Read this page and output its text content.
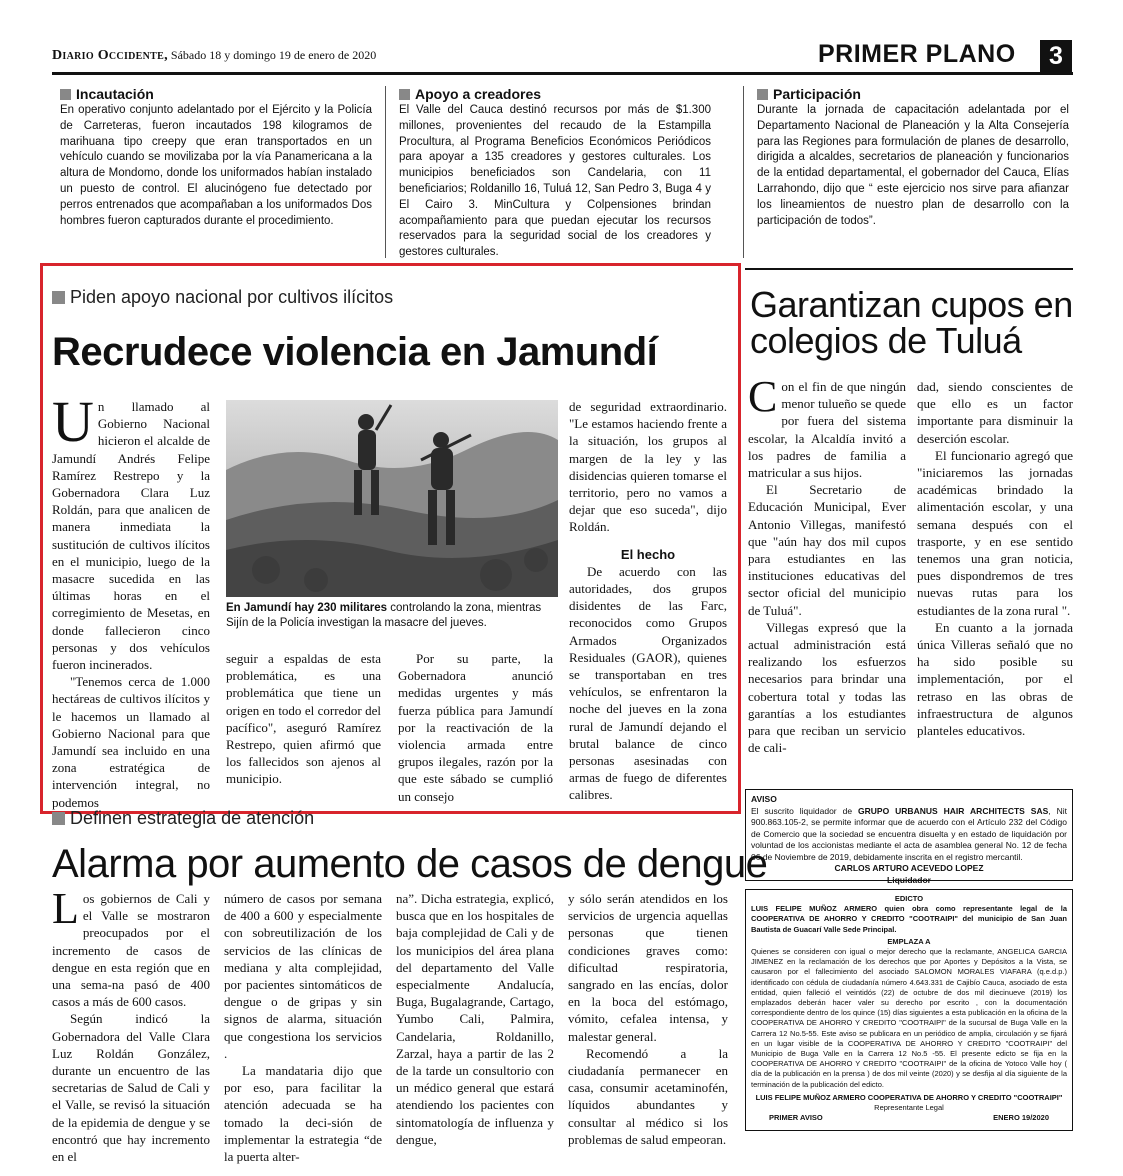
Diario Occidente, Sábado 18 y domingo 19 de enero de 2020	PRIMER PLANO	3
Incautación

En operativo conjunto adelantado por el Ejército y la Policía de Carreteras, fueron incautados 198 kilogramos de marihuana tipo creepy que eran transportados en un vehículo cuando se movilizaba por la vía Panamericana a la altura de Mondomo, donde los uniformados habían instalado un puesto de control. El alucinógeno fue detectado por perros entrenados que acompañaban a los uniformados Dos hombres fueron capturados durante el procedimiento.

Apoyo a creadores

El Valle del Cauca destinó recursos por más de $1.300 millones, provenientes del recaudo de la Estampilla Procultura, al Programa Beneficios Económicos Periódicos para apoyar a 135 creadores y gestores culturales. Los municipios beneficiados son Candelaria, con 11 beneficiarios; Roldanillo 16, Tuluá 12, San Pedro 3, Buga 4 y El Cairo 3. MinCultura y Colpensiones brindan acompañamiento para que puedan ejecutar los recursos reservados para la seguridad social de los creadores y gestores culturales.

Participación

Durante la jornada de capacitación adelantada por el Departamento Nacional de Planeación y la Alta Consejería para las Regiones para formulación de planes de desarrollo, dirigida a alcaldes, secretarios de planeación y funcionarios de la entidad departamental, el gobernador del Cauca, Elías Larrahondo, dijo que “ este ejercicio nos sirve para afianzar los lineamientos de nuestro plan de desarrollo con la participación de todos”.

Piden apoyo nacional por cultivos ilícitos
Recrudece violencia en Jamundí

Un llamado al Gobierno Nacional hicieron el alcalde de Jamundí Andrés Felipe Ramírez Restrepo y la Gobernadora Clara Luz Roldán, para que analicen de manera inmediata la sustitución de cultivos ilícitos en el municipio, luego de la masacre sucedida en las últimas horas en el corregimiento de Mesetas, en donde fallecieron cinco personas y dos vehículos fueron incinerados.

"Tenemos cerca de 1.000 hectáreas de cultivos ilícitos y le hacemos un llamado al Gobierno Nacional para que Jamundí sea incluido en una zona estratégica de intervención integral, no podemos

En Jamundí hay 230 militares controlando la zona, mientras Sijín de la Policía investigan la masacre del jueves.

seguir a espaldas de esta problemática, es una problemática que tiene un origen en todo el corredor del pacífico", aseguró Ramírez Restrepo, quien afirmó que los fallecidos son ajenos al municipio.

Por su parte, la Gobernadora anunció medidas urgentes y más fuerza pública para Jamundí por la reactivación de la violencia armada entre grupos ilegales, razón por la que este sábado se cumplió un consejo

de seguridad extraordinario. "Le estamos haciendo frente a la situación, los grupos al margen de la ley y las disidencias quieren tomarse el territorio, pero no vamos a dejar que eso suceda", dijo Roldán.

El hecho

De acuerdo con las autoridades, dos grupos disidentes de las Farc, reconocidos como Grupos Armados Organizados Residuales (GAOR), quienes se transportaban en tres vehículos, se enfrentaron la noche del jueves en la zona rural de Jamundí dejando el brutal balance de cinco personas asesinadas con armas de fuego de diferentes calibres.

Garantizan cupos en colegios de Tuluá

Con el fin de que ningún menor tulueño se quede por fuera del sistema escolar, la Alcaldía invitó a los padres de familia a matricular a sus hijos.

El Secretario de Educación Municipal, Ever Antonio Villegas, manifestó que "aún hay dos mil cupos para estudiantes en las instituciones educativas del sector oficial del municipio de Tuluá".

Villegas expresó que la actual administración está realizando los esfuerzos necesarios para brindar una cobertura total y todas las garantías a los estudiantes para que reciban un servicio de cali-

dad, siendo conscientes de que ello es un factor importante para disminuir la deserción escolar.

El funcionario agregó que "iniciaremos las jornadas académicas brindado la alimentación escolar, y una semana después con el trasporte, y en ese sentido tenemos una gran noticia, pues dispondremos de tres nuevas rutas para los estudiantes de la zona rural ".

En cuanto a la jornada única Villeras señaló que no ha sido posible su implementación, por el retraso en las obras de infraestructura de algunos planteles educativos.

Definen estrategia de atención
Alarma por aumento de casos de dengue

Los gobiernos de Cali y el Valle se mostraron preocupados por el incremento de casos de dengue en esta región que en una sema-na pasó de 400 casos a más de 600 casos.

Según indicó la Gobernadora del Valle Clara Luz Roldán González, durante un encuentro de las secretarias de Salud de Cali y el Valle, se revisó la situación de la epidemia de dengue y se encontró que hay incremento en el

número de casos por semana de 400 a 600 y especialmente con sobreutilización de los servicios de las clínicas de mediana y alta complejidad, por pacientes sintomáticos de dengue o de gripas y sin signos de alarma, situación que congestiona los servicios .

La mandataria dijo que por eso, para facilitar la atención adecuada se ha tomado la deci-sión de implementar la estrategia “de la puerta alter-

na”. Dicha estrategia, explicó, busca que en los hospitales de baja complejidad de Cali y de los municipios del área plana del departamento del Valle especialmente Andalucía, Buga, Bugalagrande, Cartago, Yumbo Cali, Palmira, Candelaria, Roldanillo, Zarzal, haya a partir de las 2 de la tarde un consultorio con un médico general que estará atendiendo los pacientes con sintomatología de influenza y dengue,

y sólo serán atendidos en los servicios de urgencia aquellas personas que tienen condiciones graves como: dificultad respiratoria, sangrado en las encías, dolor en la boca del estómago, vómito, cefalea intensa, y malestar general.

Recomendó a la ciudadanía permanecer en casa, consumir acetaminofén, líquidos abundantes y consultar al médico si los problemas de salud empeoran.

AVISO
El suscrito liquidador de GRUPO URBANUS HAIR ARCHITECTS SAS, Nit 900.863.105-2, se permite informar que de acuerdo con el Artículo 232 del Código de Comercio que la sociedad se encuentra disuelta y en estado de liquidación por voluntad de los accionistas mediante el acta de asamblea general No. 12 de fecha 06 de Noviembre de 2019, debidamente inscrita en el registro mercantil.
CARLOS ARTURO ACEVEDO LOPEZ
Liquidador
EDICTO
LUIS FELIPE MUÑOZ ARMERO quien obra como representante legal de la COOPERATIVA DE AHORRO Y CREDITO "COOTRAIPI" del municipio de San Juan Bautista de Guacarí Valle Sede Principal.
EMPLAZA A
Quienes se consideren con igual o mejor derecho que la reclamante, ANGELICA GARCIA JIMENEZ en la reclamación de los derechos que por Aportes y Depósitos a la Vista, se causaron por el fallecimiento del asociado SALOMON MORALES VIAFARA (q.e.d.p.) identificado con cédula de ciudadanía número 4.643.331 de Cajibío Cauca, asociado de esta entidad, quien falleció el veintidós (22) de octubre de dos mil diecinueve (2019) los emplazados deberán hacer valer su derecho por escrito , con la documentación correspondiente dentro de los quince (15) días siguientes a esta publicación en la oficina de la COOPERATIVA DE AHORRO Y CREDITO "COOTRAIPI" de la sucursal de Buga Valle en la Carrera 12 No.5-55. Este aviso se publicara en un periódico de amplia, circulación y se fijará en un lugar visible de la COOPERATIVA DE AHORRO Y CREDITO "COOTRAIPI" del Municipio de Buga Valle en la Carrera 12 No.5 -55. El presente edicto se fija en la COOPERATIVA DE AHORRO Y CREDITO "COOTRAIPI" de la oficina de Yotoco Valle hoy ( día de la publicación en la prensa ) de dos mil veinte (2020) y se desfija al día siguiente de la terminación de la publicación del edicto.
LUIS FELIPE MUÑOZ ARMERO COOPERATIVA DE AHORRO Y CREDITO "COOTRAIPI"
Representante Legal
PRIMER AVISO	ENERO 19/2020
